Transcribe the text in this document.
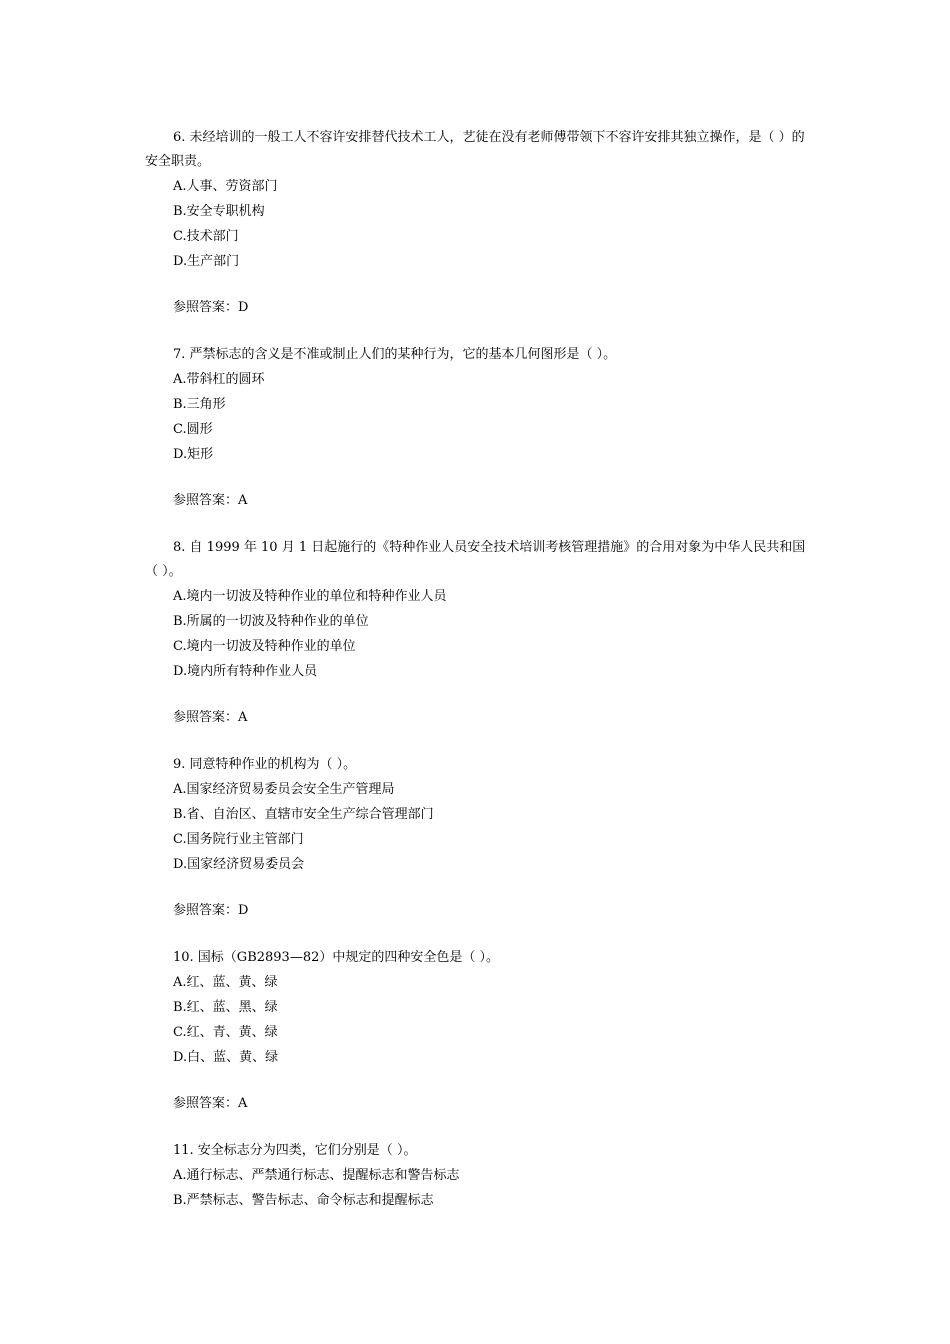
6. 未经培训的一般工人不容许安排替代技术工人，艺徒在没有老师傅带领下不容许安排其独立操作，是（ ）的安全职责。

A.人事、劳资部门

B.安全专职机构

C.技术部门

D.生产部门

参照答案：D

7. 严禁标志的含义是不准或制止人们的某种行为，它的基本几何图形是（ ）。

A.带斜杠的圆环

B.三角形

C.圆形

D.矩形

参照答案：A

8. 自 1999 年 10 月 1 日起施行的《特种作业人员安全技术培训考核管理措施》的合用对象为中华人民共和国（ ）。

A.境内一切波及特种作业的单位和特种作业人员

B.所属的一切波及特种作业的单位

C.境内一切波及特种作业的单位

D.境内所有特种作业人员

参照答案：A

9. 同意特种作业的机构为（ ）。

A.国家经济贸易委员会安全生产管理局

B.省、自治区、直辖市安全生产综合管理部门

C.国务院行业主管部门

D.国家经济贸易委员会

参照答案：D

10. 国标（GB2893—82）中规定的四种安全色是（ ）。

A.红、蓝、黄、绿

B.红、蓝、黑、绿

C.红、青、黄、绿

D.白、蓝、黄、绿

参照答案：A

11. 安全标志分为四类，它们分别是（ ）。

A.通行标志、严禁通行标志、提醒标志和警告标志

B.严禁标志、警告标志、命令标志和提醒标志
